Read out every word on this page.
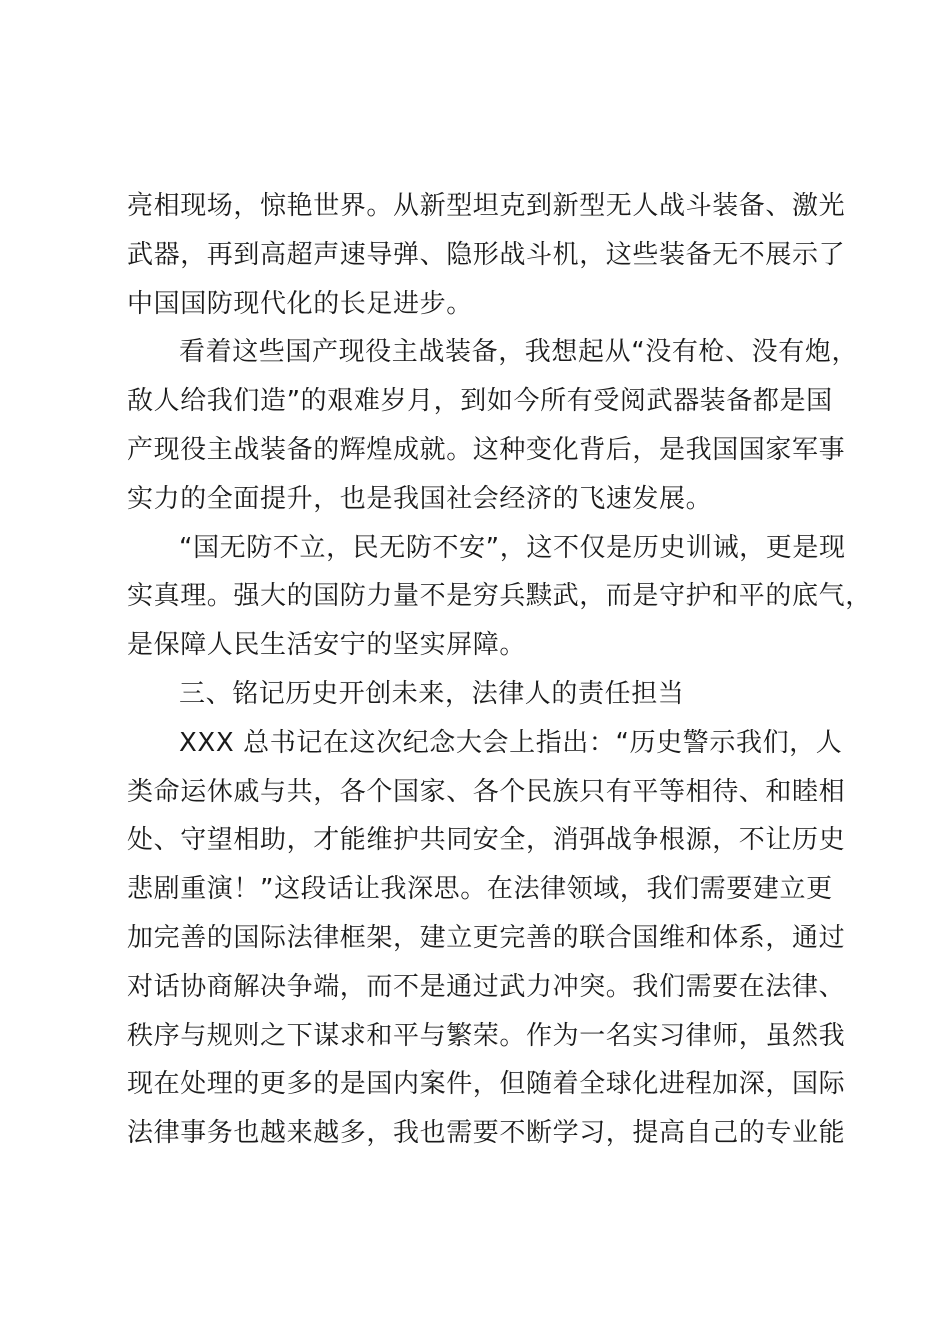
亮相现场，惊艳世界。从新型坦克到新型无人战斗装备、激光
武器，再到高超声速导弹、隐形战斗机，这些装备无不展示了
中国国防现代化的长足进步。
看着这些国产现役主战装备，我想起从“没有枪、没有炮，
敌人给我们造”的艰难岁月，到如今所有受阅武器装备都是国
产现役主战装备的辉煌成就。这种变化背后，是我国国家军事
实力的全面提升，也是我国社会经济的飞速发展。
“国无防不立，民无防不安”，这不仅是历史训诫，更是现
实真理。强大的国防力量不是穷兵黩武，而是守护和平的底气，
是保障人民生活安宁的坚实屏障。
三、铭记历史开创未来，法律人的责任担当
XXX 总书记在这次纪念大会上指出：“历史警示我们，人
类命运休戚与共，各个国家、各个民族只有平等相待、和睦相
处、守望相助，才能维护共同安全，消弭战争根源，不让历史
悲剧重演！”这段话让我深思。在法律领域，我们需要建立更
加完善的国际法律框架，建立更完善的联合国维和体系，通过
对话协商解决争端，而不是通过武力冲突。我们需要在法律、
秩序与规则之下谋求和平与繁荣。作为一名实习律师，虽然我
现在处理的更多的是国内案件，但随着全球化进程加深，国际
法律事务也越来越多，我也需要不断学习，提高自己的专业能
